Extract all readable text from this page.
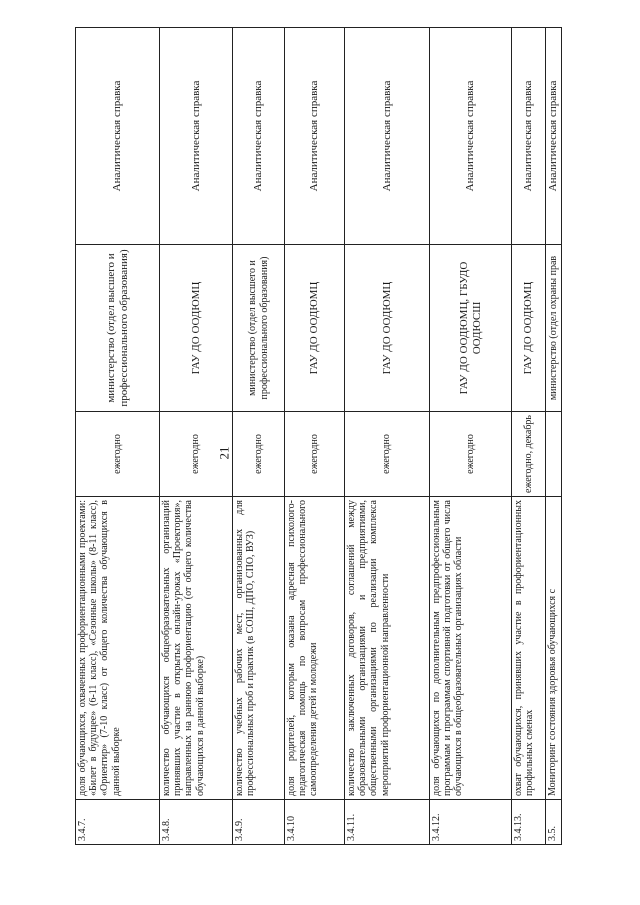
21
3.4.7.	доля обучающихся, охваченных профориентационными проектами: «Билет в будущее» (6-11 класс), «Сезонные школы» (8-11 класс), «Ориентир» (7-10 класс) от общего количества обучающихся в данной выборке	ежегодно	министерство (отдел высшего и профессионального образования)	Аналитическая справка
3.4.8.	количество обучающихся общеобразовательных организаций принявших участие в открытых онлайн-уроках «Проектория», направленных на раннюю профориентацию (от общего количества обучающихся в данной выборке)	ежегодно	ГАУ ДО ООДЮМЦ	Аналитическая справка
3.4.9.	количество учебных рабочих мест, организованных для профессиональных проб и практик (в СОШ, ДПО, СПО, ВУЗ)	ежегодно	министерство (отдел высшего и профессионального образования)	Аналитическая справка
3.4.10	доля родителей, которым оказана адресная психолого-педагогическая помощь по вопросам профессионального самоопределения детей и молодежи	ежегодно	ГАУ ДО ООДЮМЦ	Аналитическая справка
3.4.11.	количество заключенных договоров, соглашений между образовательными организациями и предприятиями, общественными организациями по реализации комплекса мероприятий профориентационной направленности	ежегодно	ГАУ ДО ООДЮМЦ	Аналитическая справка
3.4.12.	доля обучающихся по дополнительным предпрофессиональным программам и программам спортивной подготовки от общего числа обучающихся в общеобразовательных организациях области	ежегодно	ГАУ ДО ООДЮМЦ, ГБУДО ООДЮСШ	Аналитическая справка
3.4.13.	охват обучающихся, принявших участие в профориентационных профильных сменах	ежегодно, декабрь	ГАУ ДО ООДЮМЦ	Аналитическая справка
3.5.	Мониторинг состояния здоровья обучающихся с		министерство (отдел охраны прав	Аналитическая справка
